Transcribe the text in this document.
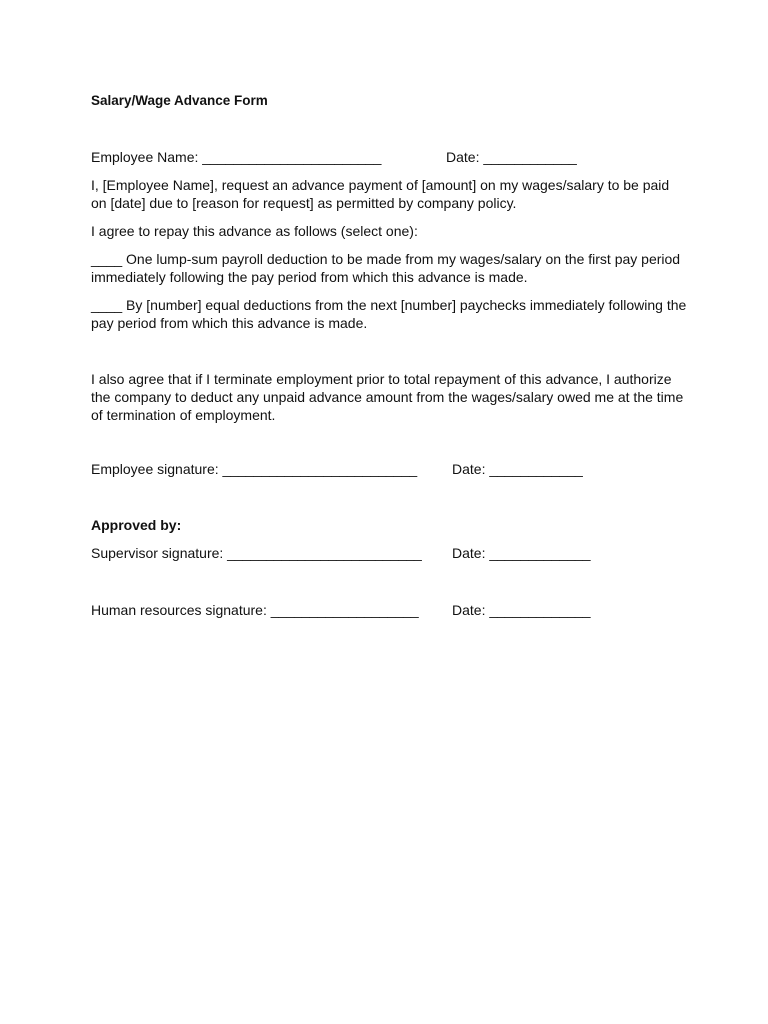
Salary/Wage Advance Form
Employee Name: _______________________	Date: ____________
I, [Employee Name], request an advance payment of [amount] on my wages/salary to be paid
on [date] due to [reason for request] as permitted by company policy.
I agree to repay this advance as follows (select one):
____ One lump-sum payroll deduction to be made from my wages/salary on the first pay period
immediately following the pay period from which this advance is made.
____ By [number] equal deductions from the next [number] paychecks immediately following the
pay period from which this advance is made.
I also agree that if I terminate employment prior to total repayment of this advance, I authorize
the company to deduct any unpaid advance amount from the wages/salary owed me at the time
of termination of employment.
Employee signature: _________________________ Date: ____________
Approved by:
Supervisor signature: _________________________ Date: _____________
Human resources signature: ___________________ Date: _____________
